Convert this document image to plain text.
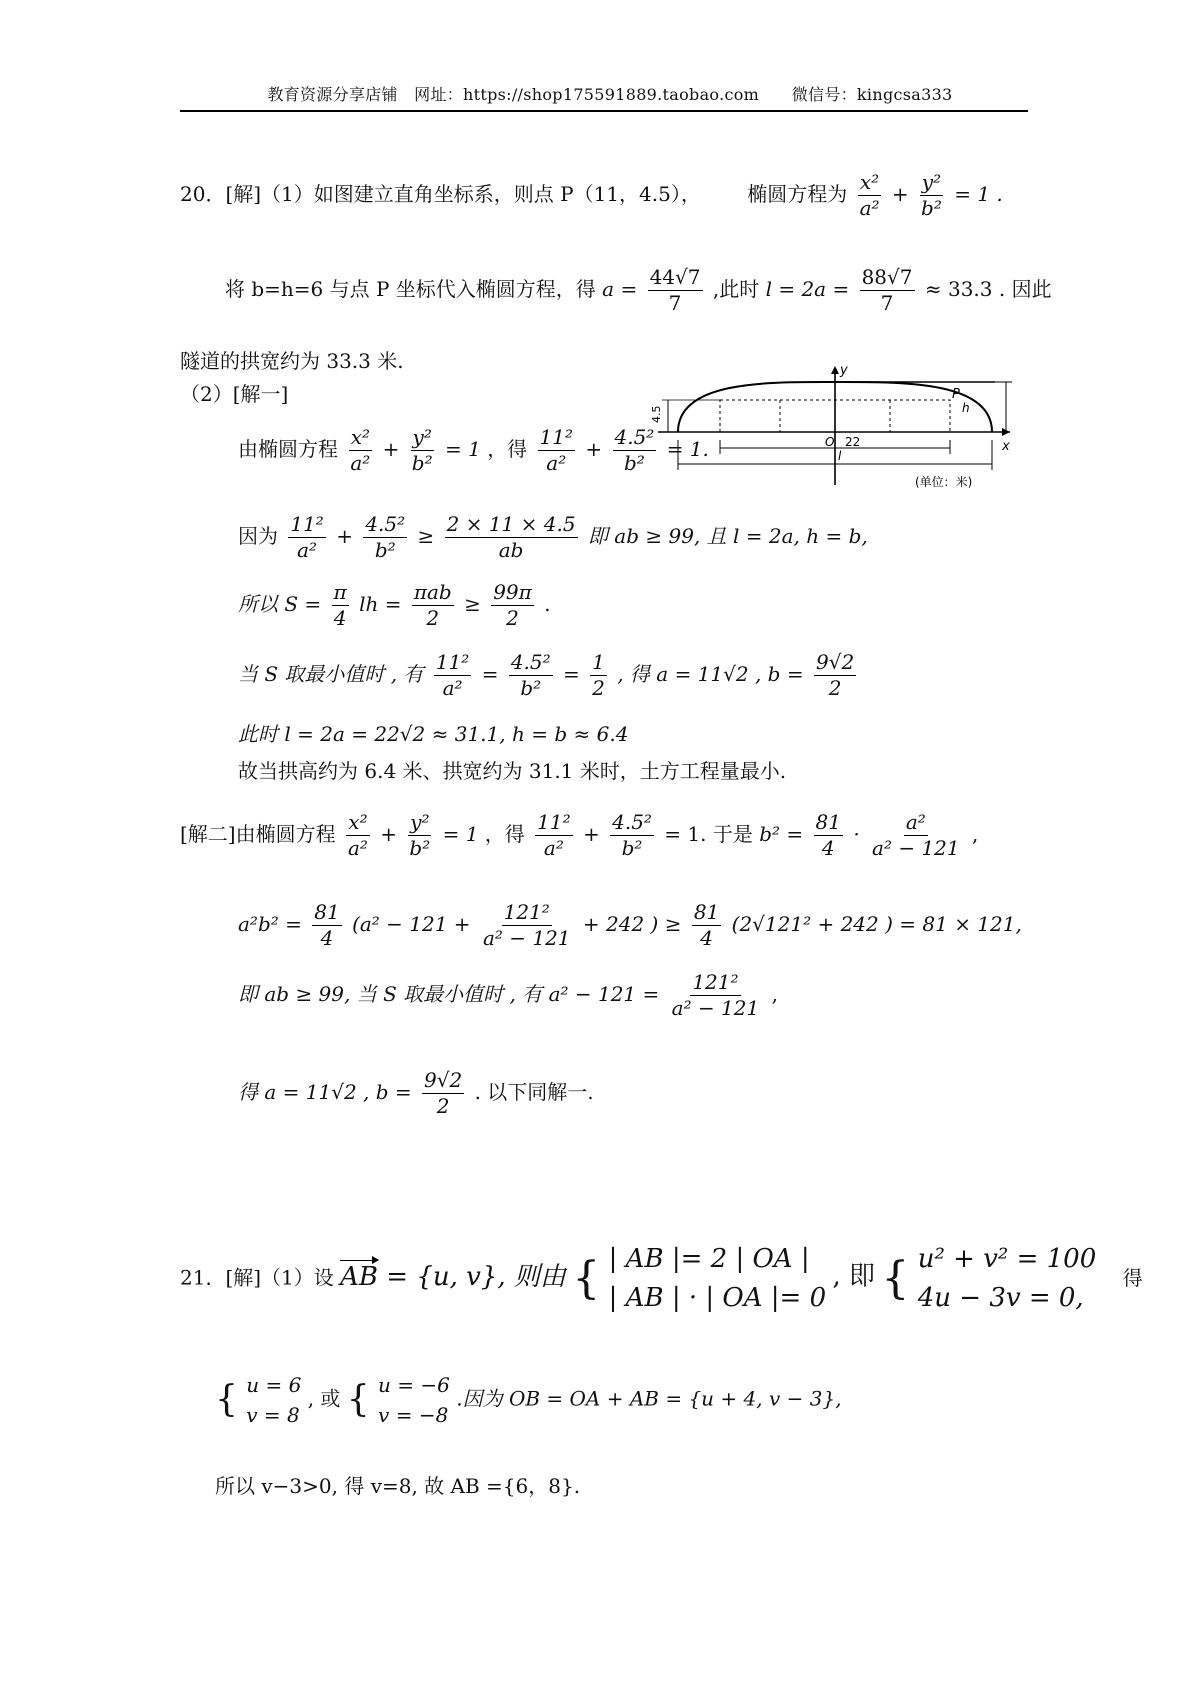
教育资源分享店铺　网址：https://shop175591889.taobao.com　　微信号：kingcsa333
20．[解]（1）如图建立直角坐标系，则点 P（11，4.5）， 椭圆方程为 $\frac{\text{x²}}{\text{a²}} + \frac{\text{y²}}{\text{b²}} = 1$ .
将 b=h=6 与点 P 坐标代入椭圆方程，得 $a = \frac{44√7}{7}$ ,此时 $l = 2a = \frac{88√7}{7} \approx 33.3$ . 因此
隧道的拱宽约为 33.3 米.
（2）[解一]
4.5	h
P
y
x
O 22
l
(单位：米)
由椭圆方程 $\frac{\text{x²}}{\text{a²}} + \frac{\text{y²}}{\text{b²}} = 1$ ，得 $\frac{\text{11²}}{\text{a²}} + \frac{\text{4.5²}}{\text{b²}} = 1$.
因为 $\frac{\text{11²}}{\text{a²}} + \frac{\text{4.5²}}{\text{b²}} \ge \frac{2 \times 11 \times 4.5}{ab}$ 即 ab ≥ 99, 且 l = 2a, h = b,
所以 $S = \frac{\pi}{4}$ lh = $\frac{\text{πab}}{2} \ge \frac{99\pi}{2}$ .
当 S 取最小值时 , 有 $\frac{\text{11²}}{\text{a²}} = \frac{\text{4.5²}}{\text{b²}} = \frac{1}{2}$ , 得 a = 11√2 , $b = \frac{9√2}{2}$
此时 l = 2a = 22√2 ≈ 31.1, h = b ≈ 6.4
故当拱高约为 6.4 米、拱宽约为 31.1 米时，土方工程量最小.
[解二]由椭圆方程 $\frac{\text{x²}}{\text{a²}} + \frac{\text{y²}}{\text{b²}} = 1$ ，得 $\frac{\text{11²}}{\text{a²}} + \frac{\text{4.5²}}{\text{b²}} = 1$. 于是 $b^2 = \frac{81}{4} \cdot \frac{\text{a²}}{\text{a² − 121}}$ ,
$a^2b^2 = \frac{81}{4} (a^2 - 121 + \frac{\text{121²}}{\text{a² − 121}} + 242$ ) ≥ $\frac{81}{4} (2√121^2 + 242$ ) = 81 × 121,
即 ab ≥ 99, 当 S 取最小值时 , 有 $a^2 - 121 = \frac{\text{121²}}{\text{a² − 121}}$ ,
得 a = 11√2 , $b = \frac{9√2}{2}$ . 以下同解一.
21．[解]（1）设 AB = {u, v}, 则由 { | AB |= 2 | OA |
| AB | · | OA |= 0
, 即 { u² + v² = 100
4u − 3v = 0,
得
{ u = 6
v = 8
, 或 { u = −6
v = −8
.因为 OB = OA + AB = {u + 4, v − 3},
所以 v−3>0, 得 v=8, 故 AB ={6，8}.
